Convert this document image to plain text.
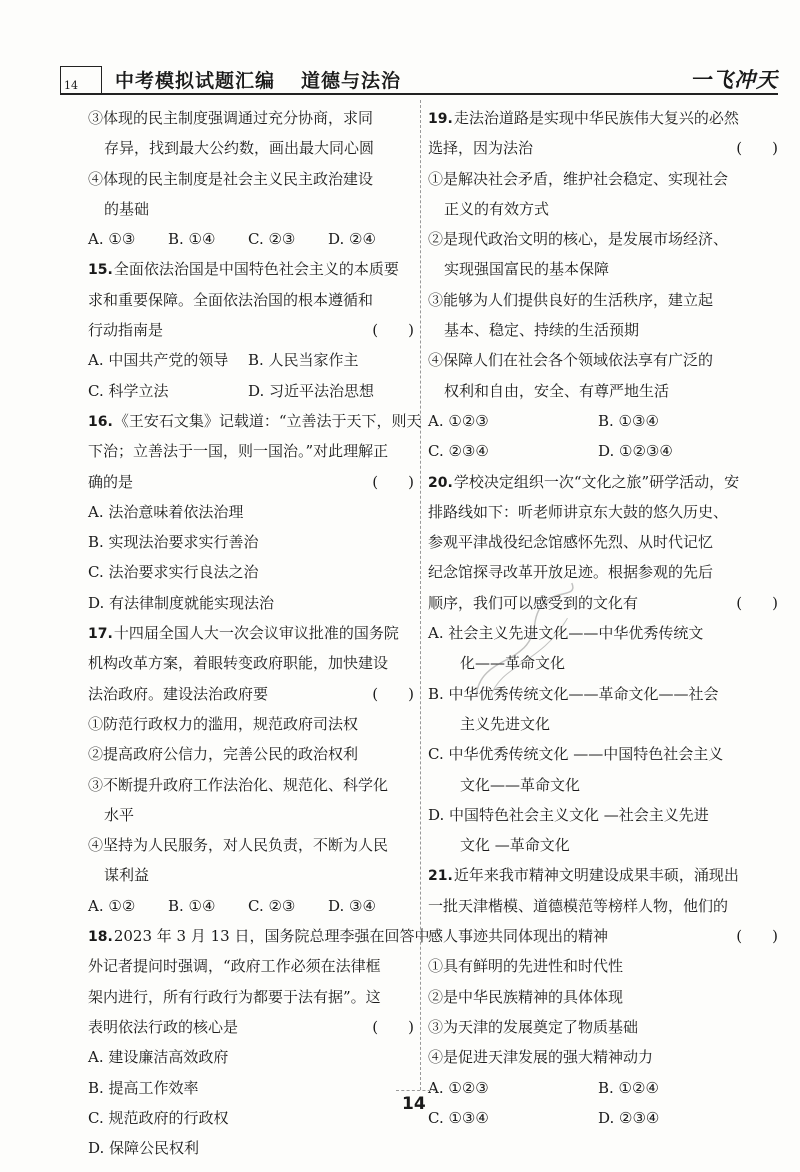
14 中考模拟试题汇编 道德与法治	一飞冲天
③体现的民主制度强调通过充分协商，求同
存异，找到最大公约数，画出最大同心圆
④体现的民主制度是社会主义民主政治建设
的基础
A. ①③ B. ①④ C. ②③ D. ②④
15.全面依法治国是中国特色社会主义的本质要
求和重要保障。全面依法治国的根本遵循和
行动指南是	(　　)
A. 中国共产党的领导 B. 人民当家作主
C. 科学立法	D. 习近平法治思想
16.《王安石文集》记载道：“立善法于天下，则天
下治；立善法于一国，则一国治。”对此理解正
确的是	(　　)
A. 法治意味着依法治理
B. 实现法治要求实行善治
C. 法治要求实行良法之治
D. 有法律制度就能实现法治
17.十四届全国人大一次会议审议批准的国务院
机构改革方案，着眼转变政府职能，加快建设
法治政府。建设法治政府要	(　　)
①防范行政权力的滥用，规范政府司法权
②提高政府公信力，完善公民的政治权利
③不断提升政府工作法治化、规范化、科学化
水平
④坚持为人民服务，对人民负责，不断为人民
谋利益
A. ①② B. ①④ C. ②③ D. ③④
18.2023 年 3 月 13 日，国务院总理李强在回答中
外记者提问时强调，“政府工作必须在法律框
架内进行，所有行政行为都要于法有据”。这
表明依法行政的核心是	(　　)
A. 建设廉洁高效政府
B. 提高工作效率
C. 规范政府的行政权
D. 保障公民权利
19.走法治道路是实现中华民族伟大复兴的必然
选择，因为法治	(　　)
①是解决社会矛盾，维护社会稳定、实现社会
正义的有效方式
②是现代政治文明的核心，是发展市场经济、
实现强国富民的基本保障
③能够为人们提供良好的生活秩序，建立起
基本、稳定、持续的生活预期
④保障人们在社会各个领域依法享有广泛的
权利和自由，安全、有尊严地生活
A. ①②③	B. ①③④
C. ②③④	D. ①②③④
20.学校决定组织一次“文化之旅”研学活动，安
排路线如下：听老师讲京东大鼓的悠久历史、
参观平津战役纪念馆感怀先烈、从时代记忆
纪念馆探寻改革开放足迹。根据参观的先后
顺序，我们可以感受到的文化有	(　　)
A. 社会主义先进文化——中华优秀传统文
化——革命文化
B. 中华优秀传统文化——革命文化——社会
主义先进文化
C. 中华优秀传统文化 ——中国特色社会主义
文化——革命文化
D. 中国特色社会主义文化 —社会主义先进
文化 —革命文化
21.近年来我市精神文明建设成果丰硕，涌现出
一批天津楷模、道德模范等榜样人物，他们的
感人事迹共同体现出的精神	(　　)
①具有鲜明的先进性和时代性
②是中华民族精神的具体体现
③为天津的发展奠定了物质基础
④是促进天津发展的强大精神动力
A. ①②③	B. ①②④
C. ①③④	D. ②③④
14
